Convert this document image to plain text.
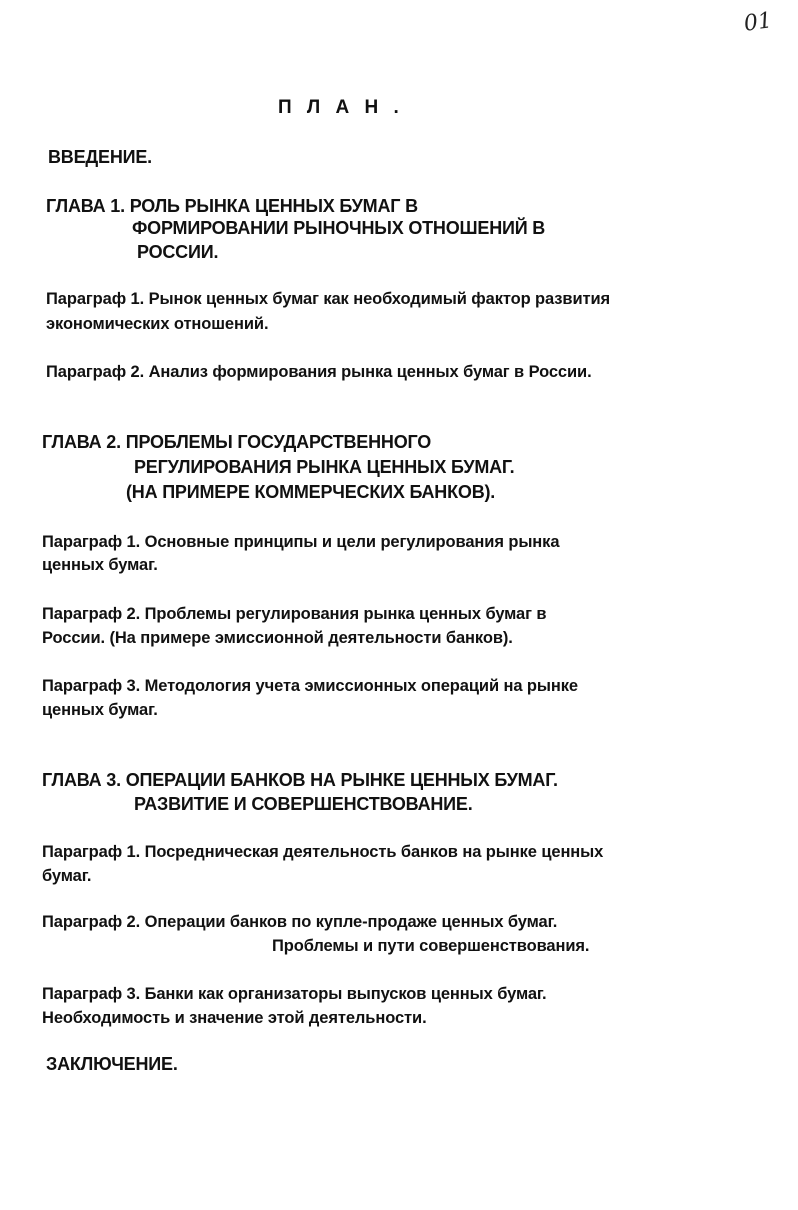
01
П Л А Н .
ВВЕДЕНИЕ.
ГЛАВА 1. РОЛЬ РЫНКА ЦЕННЫХ БУМАГ В
ФОРМИРОВАНИИ РЫНОЧНЫХ ОТНОШЕНИЙ В
РОССИИ.
Параграф 1. Рынок ценных бумаг как необходимый фактор развития
экономических отношений.
Параграф 2. Анализ формирования рынка ценных бумаг в России.
ГЛАВА 2. ПРОБЛЕМЫ ГОСУДАРСТВЕННОГО
РЕГУЛИРОВАНИЯ РЫНКА ЦЕННЫХ БУМАГ.
(НА ПРИМЕРЕ КОММЕРЧЕСКИХ БАНКОВ).
Параграф 1. Основные принципы и цели регулирования рынка
ценных бумаг.
Параграф 2. Проблемы регулирования рынка ценных бумаг в
России. (На примере эмиссионной деятельности банков).
Параграф 3. Методология учета эмиссионных операций на рынке
ценных бумаг.
ГЛАВА 3. ОПЕРАЦИИ БАНКОВ НА РЫНКЕ ЦЕННЫХ БУМАГ.
РАЗВИТИЕ И СОВЕРШЕНСТВОВАНИЕ.
Параграф 1. Посредническая деятельность банков на рынке ценных
бумаг.
Параграф 2. Операции банков по купле-продаже ценных бумаг.
Проблемы и пути совершенствования.
Параграф 3. Банки как организаторы выпусков ценных бумаг.
Необходимость и значение этой деятельности.
ЗАКЛЮЧЕНИЕ.
